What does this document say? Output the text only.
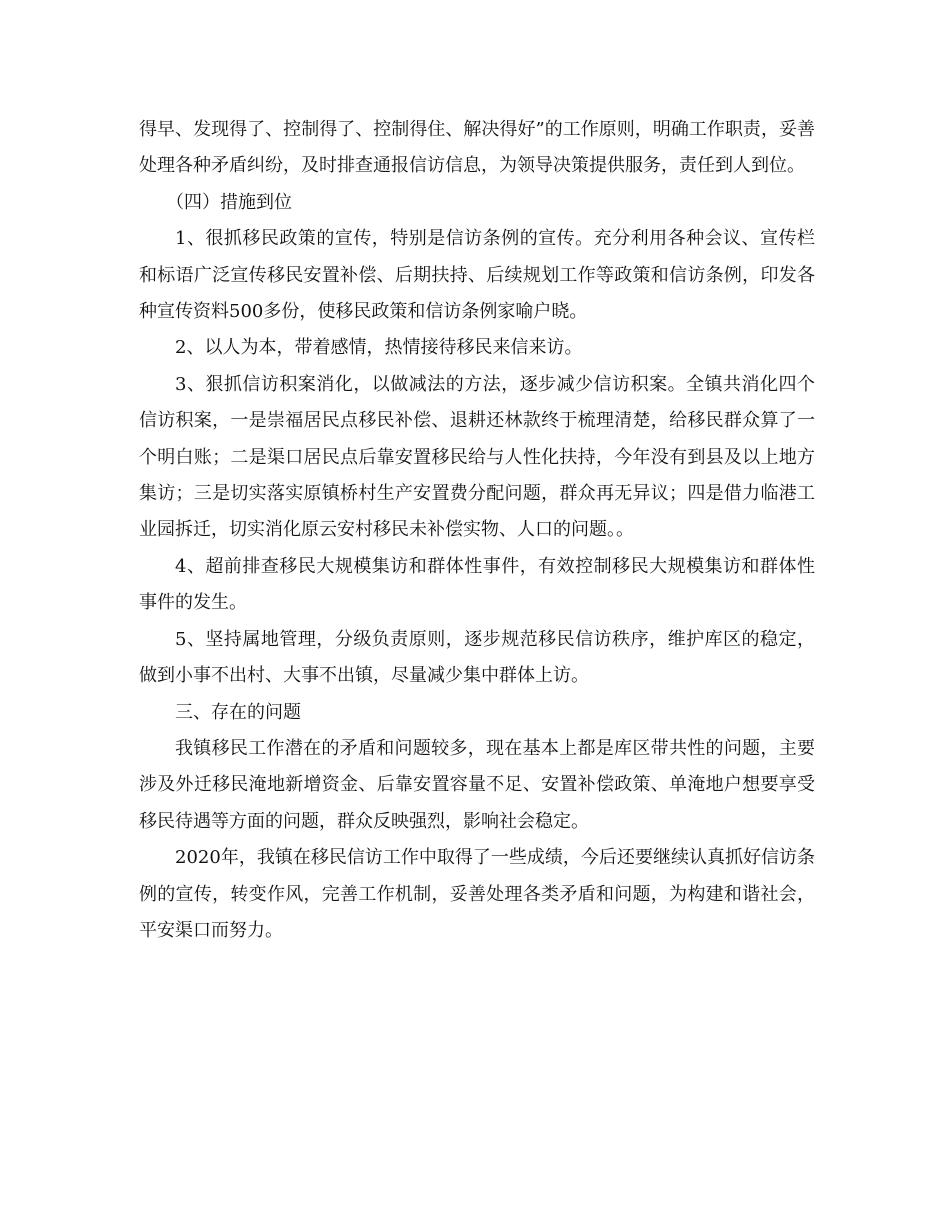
得早、发现得了、控制得了、控制得住、解决得好”的工作原则，明确工作职责，妥善处理各种矛盾纠纷，及时排查通报信访信息，为领导决策提供服务，责任到人到位。

（四）措施到位

1、很抓移民政策的宣传，特别是信访条例的宣传。充分利用各种会议、宣传栏和标语广泛宣传移民安置补偿、后期扶持、后续规划工作等政策和信访条例，印发各种宣传资料500多份，使移民政策和信访条例家喻户晓。

2、以人为本，带着感情，热情接待移民来信来访。

3、狠抓信访积案消化，以做减法的方法，逐步减少信访积案。全镇共消化四个信访积案，一是崇福居民点移民补偿、退耕还林款终于梳理清楚，给移民群众算了一个明白账；二是渠口居民点后靠安置移民给与人性化扶持，今年没有到县及以上地方集访；三是切实落实原镇桥村生产安置费分配问题，群众再无异议；四是借力临港工业园拆迁，切实消化原云安村移民未补偿实物、人口的问题。。

4、超前排查移民大规模集访和群体性事件，有效控制移民大规模集访和群体性事件的发生。

5、坚持属地管理，分级负责原则，逐步规范移民信访秩序，维护库区的稳定，做到小事不出村、大事不出镇，尽量减少集中群体上访。

三、存在的问题

我镇移民工作潜在的矛盾和问题较多，现在基本上都是库区带共性的问题，主要涉及外迁移民淹地新增资金、后靠安置容量不足、安置补偿政策、单淹地户想要享受移民待遇等方面的问题，群众反映强烈，影响社会稳定。

2020年，我镇在移民信访工作中取得了一些成绩，今后还要继续认真抓好信访条例的宣传，转变作风，完善工作机制，妥善处理各类矛盾和问题，为构建和谐社会，平安渠口而努力。
